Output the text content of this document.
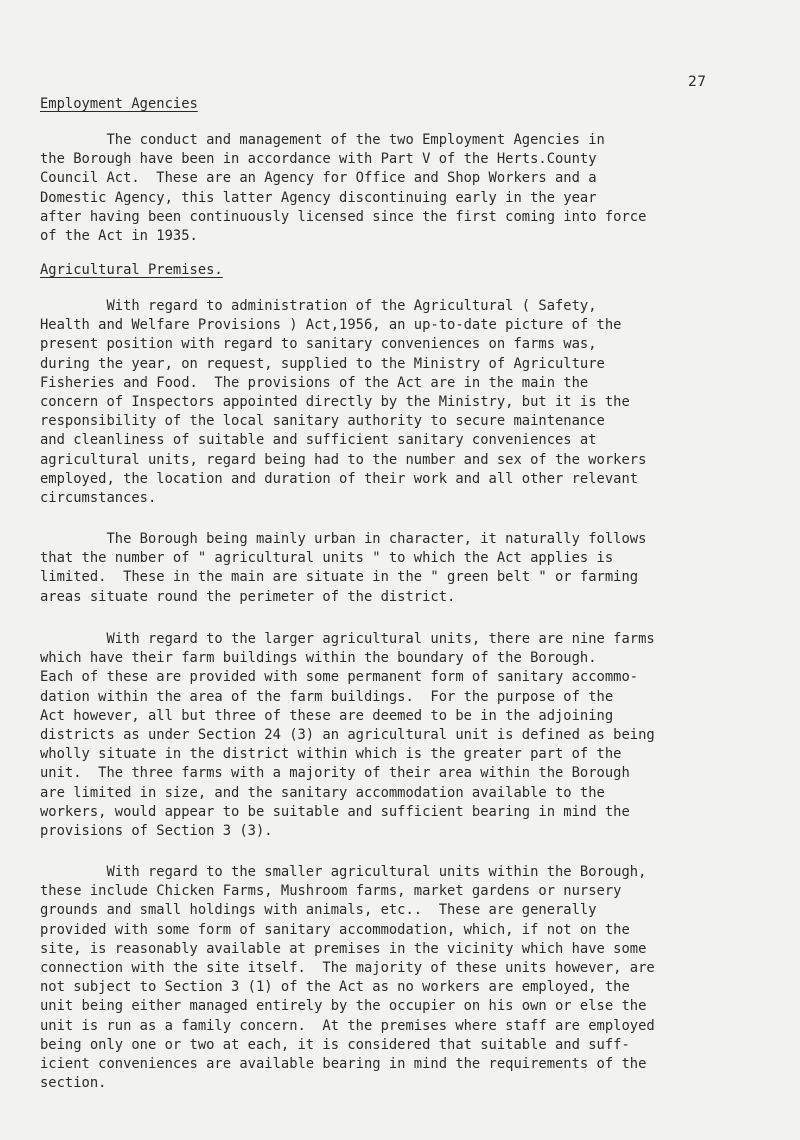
27
Employment Agencies

The conduct and management of the two Employment Agencies in
the Borough have been in accordance with Part V of the Herts.County
Council Act.  These are an Agency for Office and Shop Workers and a
Domestic Agency, this latter Agency discontinuing early in the year
after having been continuously licensed since the first coming into force
of the Act in 1935.

Agricultural Premises.

With regard to administration of the Agricultural ( Safety,
Health and Welfare Provisions ) Act,1956, an up-to-date picture of the
present position with regard to sanitary conveniences on farms was,
during the year, on request, supplied to the Ministry of Agriculture
Fisheries and Food.  The provisions of the Act are in the main the
concern of Inspectors appointed directly by the Ministry, but it is the
responsibility of the local sanitary authority to secure maintenance
and cleanliness of suitable and sufficient sanitary conveniences at
agricultural units, regard being had to the number and sex of the workers
employed, the location and duration of their work and all other relevant
circumstances.

The Borough being mainly urban in character, it naturally follows
that the number of " agricultural units " to which the Act applies is
limited.  These in the main are situate in the " green belt " or farming
areas situate round the perimeter of the district.

With regard to the larger agricultural units, there are nine farms
which have their farm buildings within the boundary of the Borough.
Each of these are provided with some permanent form of sanitary accommo-
dation within the area of the farm buildings.  For the purpose of the
Act however, all but three of these are deemed to be in the adjoining
districts as under Section 24 (3) an agricultural unit is defined as being
wholly situate in the district within which is the greater part of the
unit.  The three farms with a majority of their area within the Borough
are limited in size, and the sanitary accommodation available to the
workers, would appear to be suitable and sufficient bearing in mind the
provisions of Section 3 (3).

With regard to the smaller agricultural units within the Borough,
these include Chicken Farms, Mushroom farms, market gardens or nursery
grounds and small holdings with animals, etc..  These are generally
provided with some form of sanitary accommodation, which, if not on the
site, is reasonably available at premises in the vicinity which have some
connection with the site itself.  The majority of these units however, are
not subject to Section 3 (1) of the Act as no workers are employed, the
unit being either managed entirely by the occupier on his own or else the
unit is run as a family concern.  At the premises where staff are employed
being only one or two at each, it is considered that suitable and suff-
icient conveniences are available bearing in mind the requirements of the
section.
